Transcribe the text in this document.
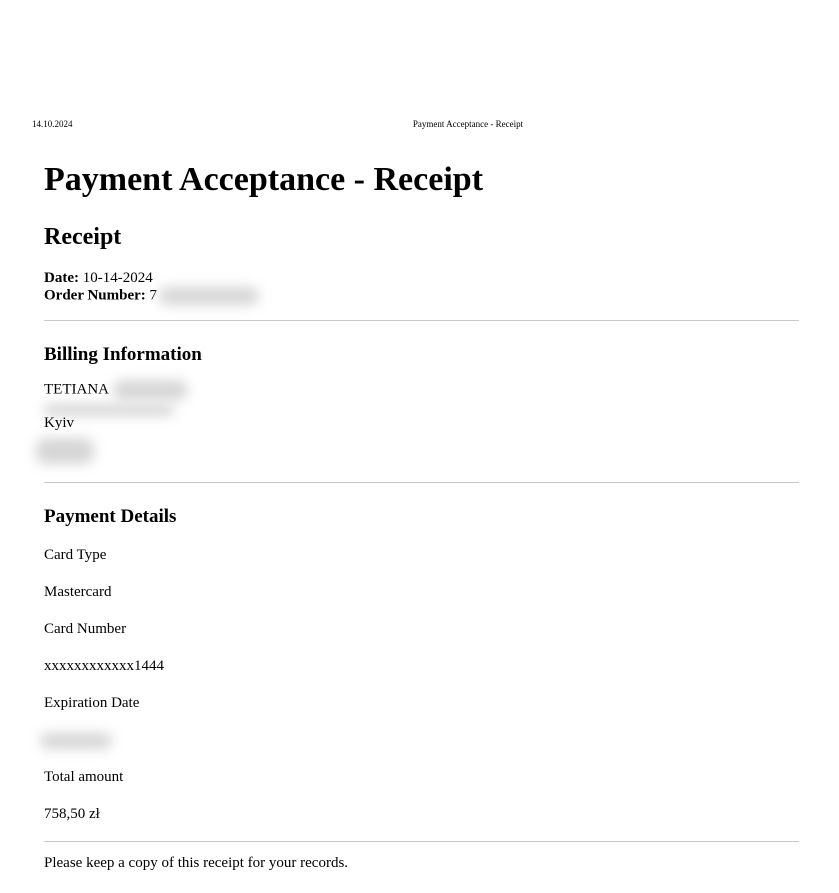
14.10.2024	Payment Acceptance - Receipt
Payment Acceptance - Receipt
Receipt
Date: 10-14-2024
Order Number: 7
Billing Information
TETIANA
Kyiv
Payment Details
Card Type
Mastercard
Card Number
xxxxxxxxxxxx1444
Expiration Date
Total amount
758,50 zł
Please keep a copy of this receipt for your records.
